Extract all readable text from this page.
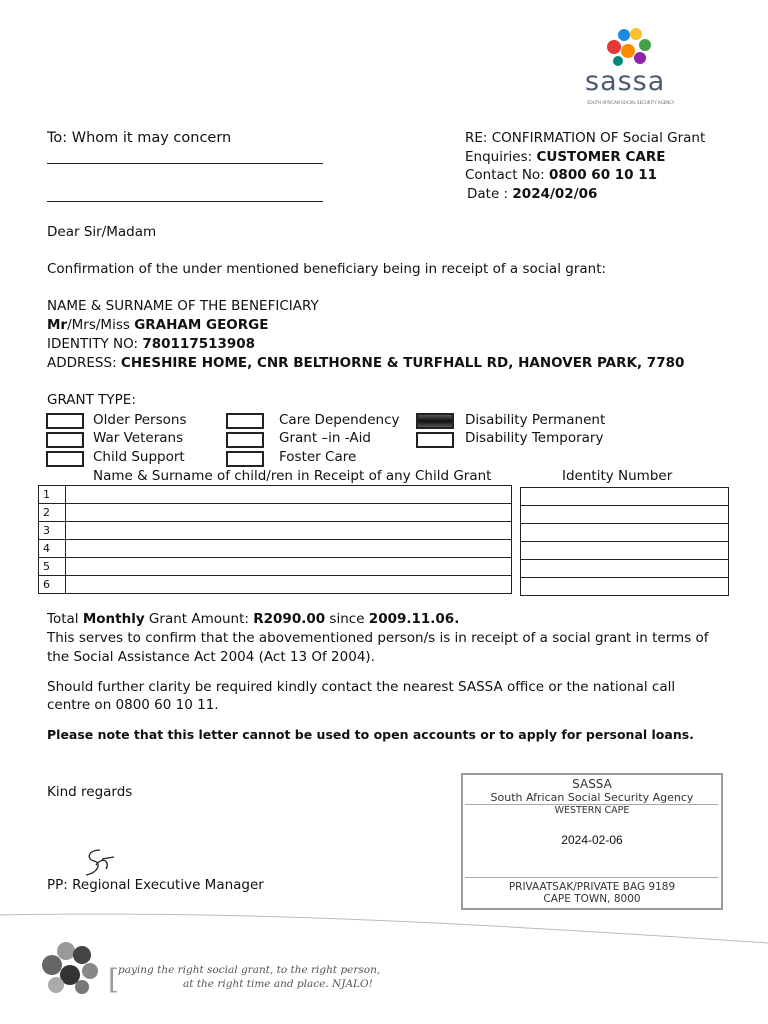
sassa
SOUTH AFRICAN SOCIAL SECURITY AGENCY
To: Whom it may concern	RE: CONFIRMATION OF Social Grant
Enquiries: CUSTOMER CARE
Contact No: 0800 60 10 11
Date : 2024/02/06
Dear Sir/Madam
Confirmation of the under mentioned beneficiary being in receipt of a social grant:
NAME & SURNAME OF THE BENEFICIARY
Mr/Mrs/Miss GRAHAM GEORGE
IDENTITY NO: 780117513908
ADDRESS: CHESHIRE HOME, CNR BELTHORNE & TURFHALL RD, HANOVER PARK, 7780
GRANT TYPE:
Older Persons
War Veterans
Child Support
Care Dependency
Grant –in -Aid
Foster Care
Disability Permanent
Disability Temporary
Name & Surname of child/ren in Receipt of any Child Grant	Identity Number
1	
2	
3	
4	
5	
6	

Total Monthly Grant Amount: R2090.00 since 2009.11.06.
This serves to confirm that the abovementioned person/s is in receipt of a social grant in terms of
the Social Assistance Act 2004 (Act 13 Of 2004).
Should further clarity be required kindly contact the nearest SASSA office or the national call
centre on 0800 60 10 11.
Please note that this letter cannot be used to open accounts or to apply for personal loans.
Kind regards
PP: Regional Executive Manager
SASSA
South African Social Security Agency
WESTERN CAPE
2024-02-06
PRIVAATSAK/PRIVATE BAG 9189
CAPE TOWN, 8000
[ paying the right social grant, to the right person,
at the right time and place. NJALO!
